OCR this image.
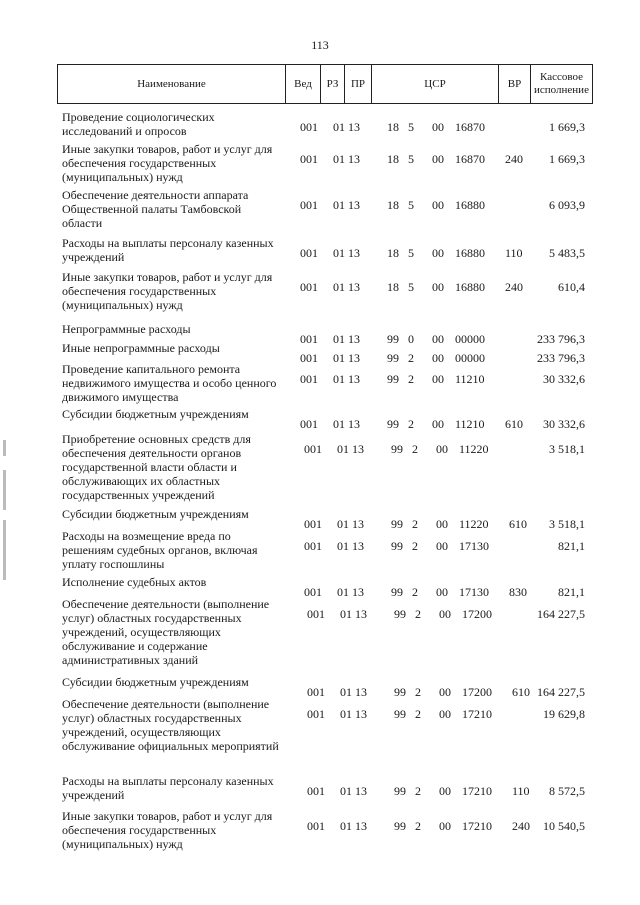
113
Наименование	Вед	РЗ	ПР	ЦСР	ВР
Кассовое исполнение
Проведение социологических исследований и опросов	001 01 13 18 5 00 16870	1 669,3
Иные закупки товаров, работ и услуг для обеспечения государственных (муниципальных) нужд
001 01 13 18 5 00 16870 240 1 669,3
Обеспечение деятельности аппарата Общественной палаты Тамбовской области
001 01 13 18 5 00 16880	6 093,9
Расходы на выплаты персоналу казенных учреждений	001 01 13 18 5 00 16880 110 5 483,5
Иные закупки товаров, работ и услуг для обеспечения государственных (муниципальных) нужд
001 01 13 18 5 00 16880 240	610,4
Непрограммные расходы
001 01 13 99 0 00 00000	233 796,3
Иные непрограммные расходы
001 01 13 99 2 00 00000	233 796,3
Проведение капитального ремонта недвижимого имущества и особо ценного движимого имущества
001 01 13 99 2 00 11210	30 332,6
Субсидии бюджетным учреждениям
001 01 13 99 2 00 11210 610 30 332,6
Приобретение основных средств для обеспечения деятельности органов государственной власти области и обслуживающих их областных государственных учреждений
001 01 13 99 2 00 11220	3 518,1
Субсидии бюджетным учреждениям
001 01 13 99 2 00 11220 610 3 518,1
Расходы на возмещение вреда по решениям судебных органов, включая уплату госпошлины
001 01 13 99 2 00 17130	821,1
Исполнение судебных актов
001 01 13 99 2 00 17130 830	821,1
Обеспечение деятельности (выполнение услуг) областных государственных учреждений, осуществляющих обслуживание и содержание административных зданий
001 01 13 99 2 00 17200	164 227,5
Субсидии бюджетным учреждениям
001 01 13 99 2 00 17200 610 164 227,5
Обеспечение деятельности (выполнение услуг) областных государственных учреждений, осуществляющих обслуживание официальных мероприятий
001 01 13 99 2 00 17210	19 629,8
Расходы на выплаты персоналу казенных учреждений	001 01 13 99 2 00 17210 110 8 572,5
Иные закупки товаров, работ и услуг для обеспечения государственных (муниципальных) нужд
001 01 13 99 2 00 17210 240 10 540,5
